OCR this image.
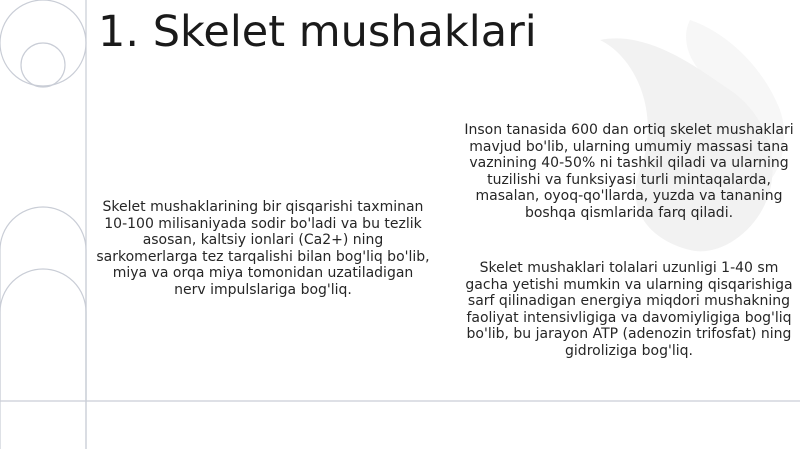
1. Skelet mushaklari

Skelet mushaklarining bir qisqarishi taxminan 10-100 milisaniyada sodir bo'ladi va bu tezlik asosan, kaltsiy ionlari (Ca2+) ning sarkomerlarga tez tarqalishi bilan bog'liq bo'lib, miya va orqa miya tomonidan uzatiladigan nerv impulslariga bog'liq.

Inson tanasida 600 dan ortiq skelet mushaklari mavjud bo'lib, ularning umumiy massasi tana vaznining 40-50% ni tashkil qiladi va ularning tuzilishi va funksiyasi turli mintaqalarda, masalan, oyoq-qo'llarda, yuzda va tananing boshqa qismlarida farq qiladi.

Skelet mushaklari tolalari uzunligi 1-40 sm gacha yetishi mumkin va ularning qisqarishiga sarf qilinadigan energiya miqdori mushakning faoliyat intensivligiga va davomiyligiga bog'liq bo'lib, bu jarayon ATP (adenozin trifosfat) ning gidroliziga bog'liq.
